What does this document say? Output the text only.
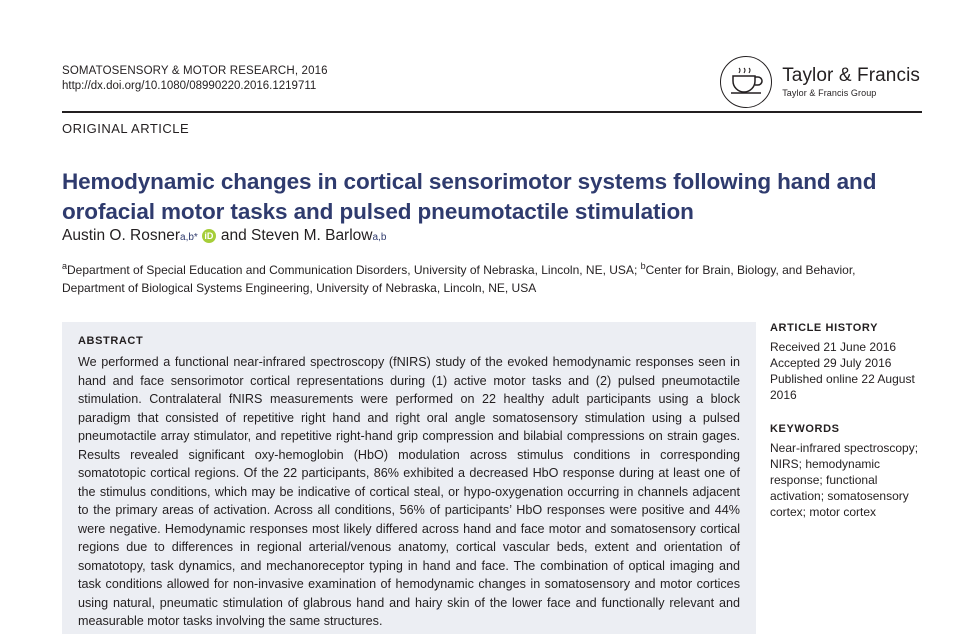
SOMATOSENSORY & MOTOR RESEARCH, 2016
http://dx.doi.org/10.1080/08990220.2016.1219711	Taylor & Francis
Taylor & Francis Group
ORIGINAL ARTICLE
Hemodynamic changes in cortical sensorimotor systems following hand and orofacial motor tasks and pulsed pneumotactile stimulation
Austin O. Rosner a,b* iD and
Steven M. Barlow a,b
$^a$Department of Special Education and Communication Disorders, University of Nebraska, Lincoln, NE, USA; $^b$Center for Brain, Biology, and Behavior, Department of Biological Systems Engineering, University of Nebraska, Lincoln, NE, USA
ABSTRACT
We performed a functional near-infrared spectroscopy (fNIRS) study of the evoked hemodynamic responses seen in hand and face sensorimotor cortical representations during (1) active motor tasks and (2) pulsed pneumotactile stimulation. Contralateral fNIRS measurements were performed on 22 healthy adult participants using a block paradigm that consisted of repetitive right hand and right oral angle somatosensory stimulation using a pulsed pneumotactile array stimulator, and repetitive right-hand grip compression and bilabial compressions on strain gages. Results revealed significant oxy-hemoglobin (HbO) modulation across stimulus conditions in corresponding somatotopic cortical regions. Of the 22 participants, 86% exhibited a decreased HbO response during at least one of the stimulus conditions, which may be indicative of cortical steal, or hypo-oxygenation occurring in channels adjacent to the primary areas of activation. Across all conditions, 56% of participants’ HbO responses were positive and 44% were negative. Hemodynamic responses most likely differed across hand and face motor and somatosensory cortical regions due to differences in regional arterial/venous anatomy, cortical vascular beds, extent and orientation of somatotopy, task dynamics, and mechanoreceptor typing in hand and face. The combination of optical imaging and task conditions allowed for non-invasive examination of hemodynamic changes in somatosensory and motor cortices using natural, pneumatic stimulation of glabrous hand and hairy skin of the lower face and functionally relevant and measurable motor tasks involving the same structures.
ARTICLE HISTORY
Received 21 June 2016
Accepted 29 July 2016
Published online 22 August 2016
KEYWORDS
Near-infrared spectroscopy; NIRS; hemodynamic response; functional activation; somatosensory cortex; motor cortex
